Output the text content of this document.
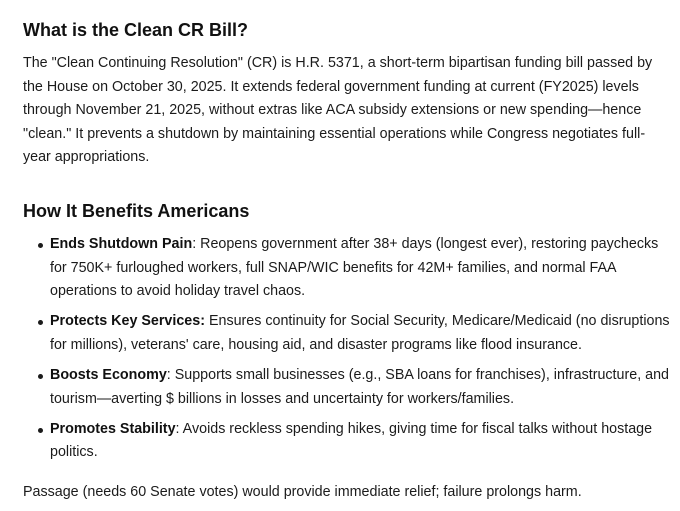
What is the Clean CR Bill?

The "Clean Continuing Resolution" (CR) is H.R. 5371, a short-term bipartisan funding bill passed by the House on October 30, 2025. It extends federal government funding at current (FY2025) levels through November 21, 2025, without extras like ACA subsidy extensions or new spending—hence "clean." It prevents a shutdown by maintaining essential operations while Congress negotiates full-year appropriations.

How It Benefits Americans
Ends Shutdown Pain: Reopens government after 38+ days (longest ever), restoring paychecks for 750K+ furloughed workers, full SNAP/WIC benefits for 42M+ families, and normal FAA operations to avoid holiday travel chaos.
Protects Key Services: Ensures continuity for Social Security, Medicare/Medicaid (no disruptions for millions), veterans' care, housing aid, and disaster programs like flood insurance.
Boosts Economy: Supports small businesses (e.g., SBA loans for franchises), infrastructure, and tourism—averting $ billions in losses and uncertainty for workers/families.
Promotes Stability: Avoids reckless spending hikes, giving time for fiscal talks without hostage politics.

Passage (needs 60 Senate votes) would provide immediate relief; failure prolongs harm.
